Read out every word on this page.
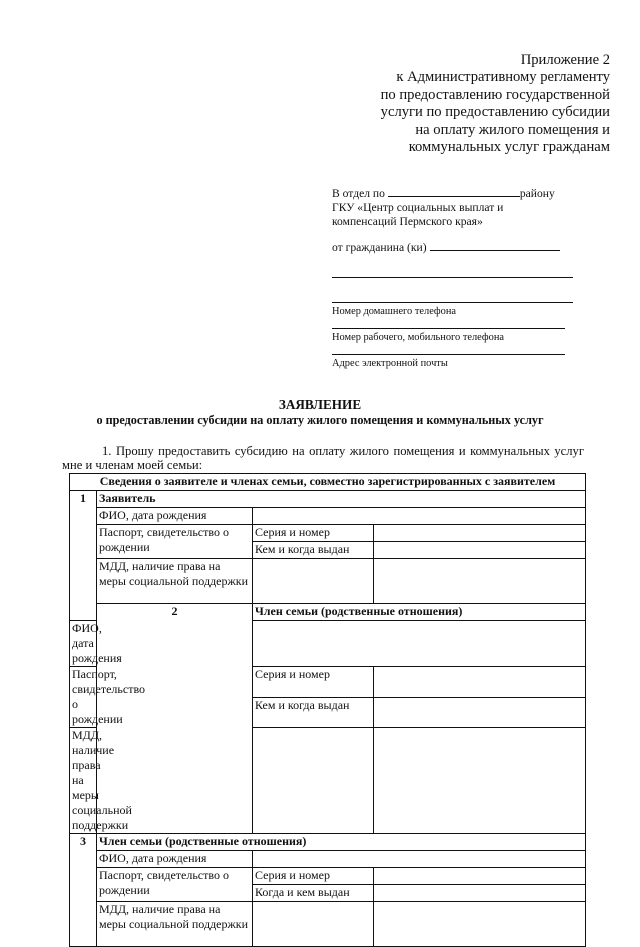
Приложение 2
к Административному регламенту
по предоставлению государственной
услуги по предоставлению субсидии
на оплату жилого помещения и
коммунальных услуг гражданам
В отдел по	району
ГКУ «Центр социальных выплат и
компенсаций Пермского края»
от гражданина (ки)
Номер домашнего телефона
Номер рабочего, мобильного телефона
Адрес электронной почты
ЗАЯВЛЕНИЕ
о предоставлении субсидии на оплату жилого помещения и коммунальных услуг
1. Прошу предоставить субсидию на оплату жилого помещения и коммунальных услуг
мне и членам моей семьи:
Сведения о заявителе и членах семьи, совместно зарегистрированных с заявителем			
1	Заявитель		
	ФИО, дата рождения		
	Паспорт, свидетельство о рождении	Серия и номер	
		Кем и когда выдан	
	МДД, наличие права на меры социальной поддержки		
	2	Член семьи (родственные отношения)	
ФИО, дата рождения			
Паспорт, свидетельство о рождении		Серия и номер	
		Кем и когда выдан	
МДД, наличие права на меры социальной поддержки			
3	Член семьи (родственные отношения)		
	ФИО, дата рождения		
	Паспорт, свидетельство о рождении	Серия и номер	
		Когда и кем выдан	
	МДД, наличие права на меры социальной поддержки		
